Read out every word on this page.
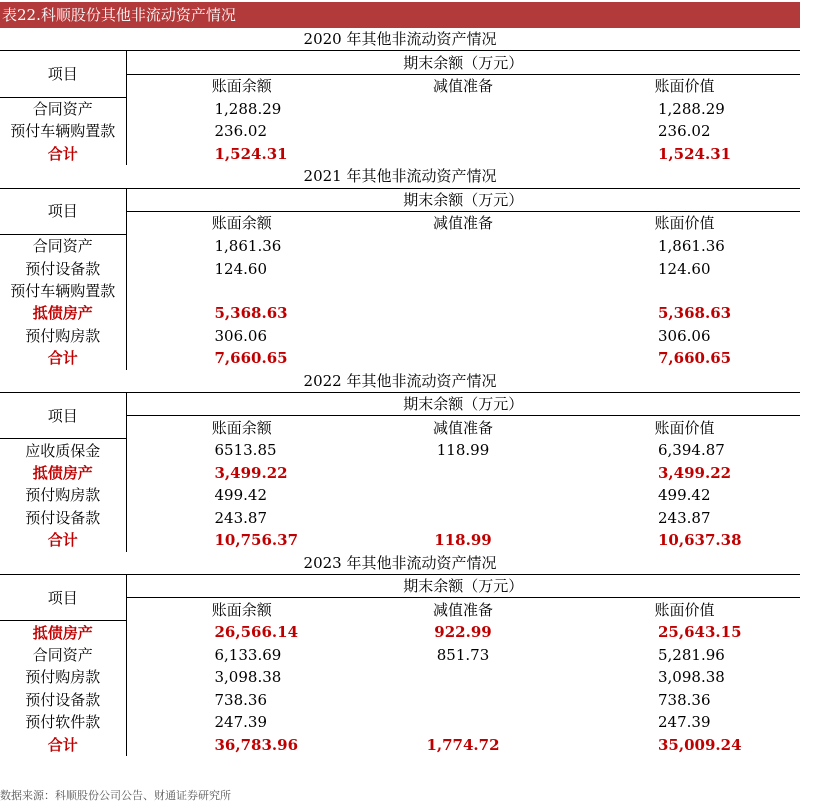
表22.科顺股份其他非流动资产情况
2020 年其他非流动资产情况			
项目	期末余额（万元）		
	账面余额	减值准备	账面价值
合同资产	1,288.29		1,288.29
预付车辆购置款	236.02		236.02
合计	1,524.31		1,524.31
2021 年其他非流动资产情况			
项目	期末余额（万元）		
	账面余额	减值准备	账面价值
合同资产	1,861.36		1,861.36
预付设备款	124.60		124.60
预付车辆购置款			
抵债房产	5,368.63		5,368.63
预付购房款	306.06		306.06
合计	7,660.65		7,660.65
2022 年其他非流动资产情况			
项目	期末余额（万元）		
	账面余额	减值准备	账面价值
应收质保金	6513.85	118.99	6,394.87
抵债房产	3,499.22		3,499.22
预付购房款	499.42		499.42
预付设备款	243.87		243.87
合计	10,756.37	118.99	10,637.38
2023 年其他非流动资产情况			
项目	期末余额（万元）		
	账面余额	减值准备	账面价值
抵债房产	26,566.14	922.99	25,643.15
合同资产	6,133.69	851.73	5,281.96
预付购房款	3,098.38		3,098.38
预付设备款	738.36		738.36
预付软件款	247.39		247.39
合计	36,783.96	1,774.72	35,009.24
数据来源：科顺股份公司公告、财通证券研究所
